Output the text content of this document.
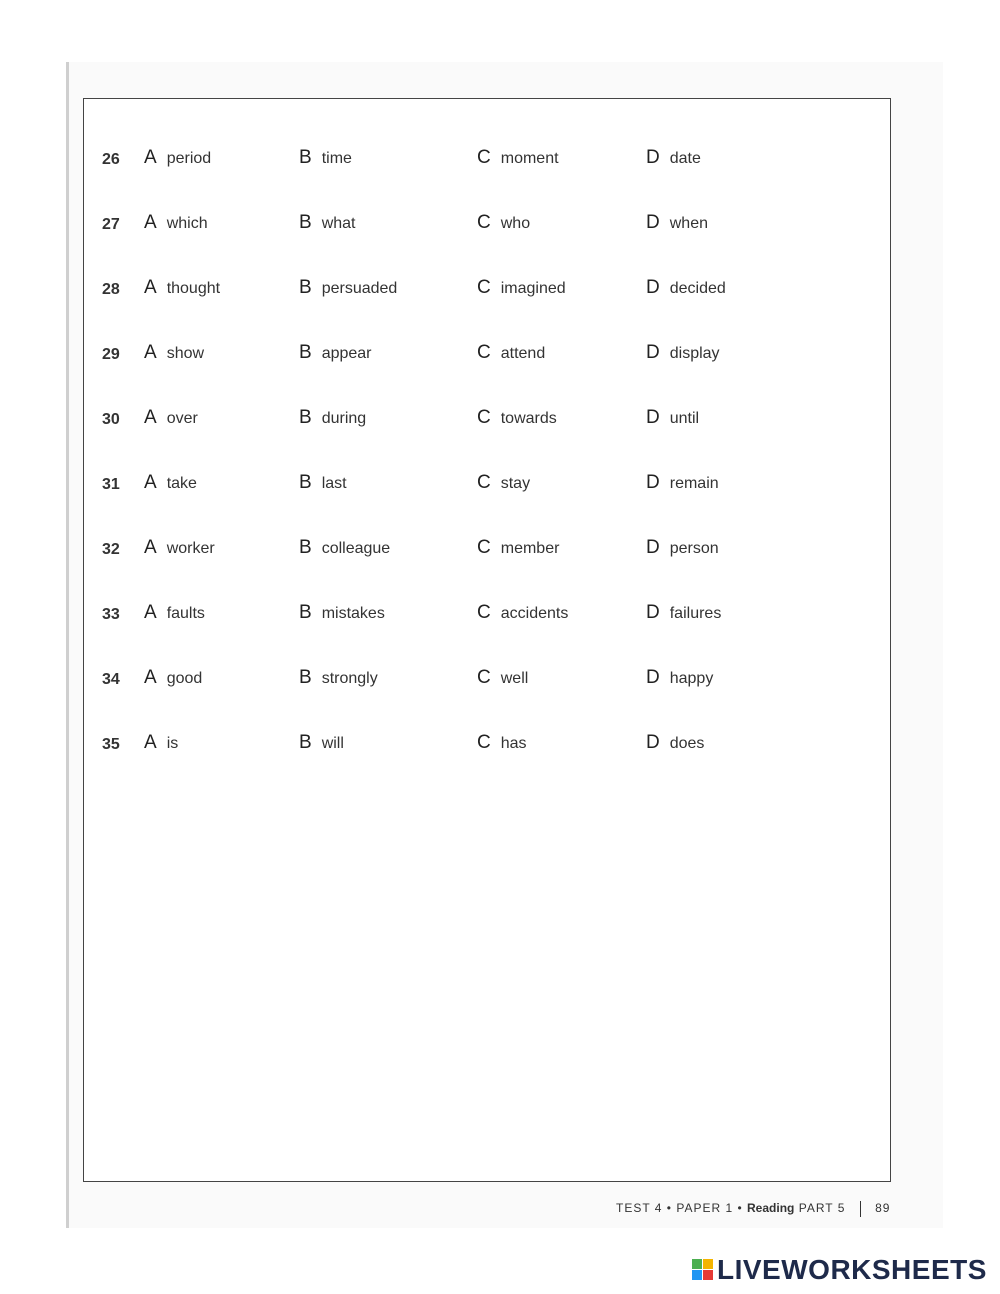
26 A period	B time	C moment	D date
27 A which	B what	C who	D when
28 A thought	B persuaded	C imagined	D decided
29 A show	B appear	C attend	D display
30 A over	B during	C towards	D until
31 A take	B last	C stay	D remain
32 A worker	B colleague	C member	D person
33 A faults	B mistakes	C accidents	D failures
34 A good	B strongly	C well	D happy
35 A is	B will	C has	D does
TEST 4 • PAPER 1 • Reading PART 5 89
LIVEWORKSHEETS
